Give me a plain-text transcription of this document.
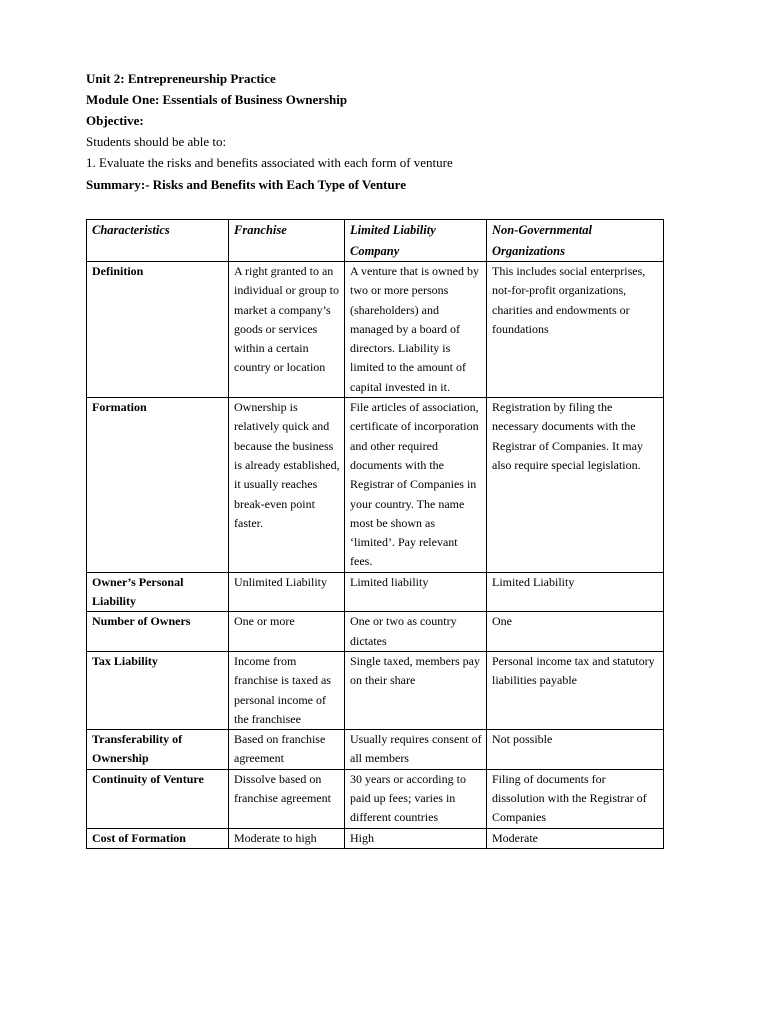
Unit 2: Entrepreneurship Practice
Module One: Essentials of Business Ownership
Objective:
Students should be able to:
1. Evaluate the risks and benefits associated with each form of venture
Summary:- Risks and Benefits with Each Type of Venture
Characteristics	Franchise	Limited Liability Company	Non-Governmental Organizations
Definition	A right granted to an individual or group to market a company’s goods or services within a certain country or location	A venture that is owned by two or more persons (shareholders) and managed by a board of directors. Liability is limited to the amount of capital invested in it.	This includes social enterprises, not-for-profit organizations, charities and endowments or foundations
Formation	Ownership is relatively quick and because the business is already established, it usually reaches break-even point faster.	File articles of association, certificate of incorporation and other required documents with the Registrar of Companies in your country. The name most be shown as ‘limited’. Pay relevant fees.	Registration by filing the necessary documents with the Registrar of Companies. It may also require special legislation.
Owner’s Personal Liability	Unlimited Liability	Limited liability	Limited Liability
Number of Owners	One or more	One or two as country dictates	One
Tax Liability	Income from franchise is taxed as personal income of the franchisee	Single taxed, members pay on their share	Personal income tax and statutory liabilities payable
Transferability of Ownership	Based on franchise agreement	Usually requires consent of all members	Not possible
Continuity of Venture	Dissolve based on franchise agreement	30 years or according to paid up fees; varies in different countries	Filing of documents for dissolution with the Registrar of Companies
Cost of Formation	Moderate to high	High	Moderate
